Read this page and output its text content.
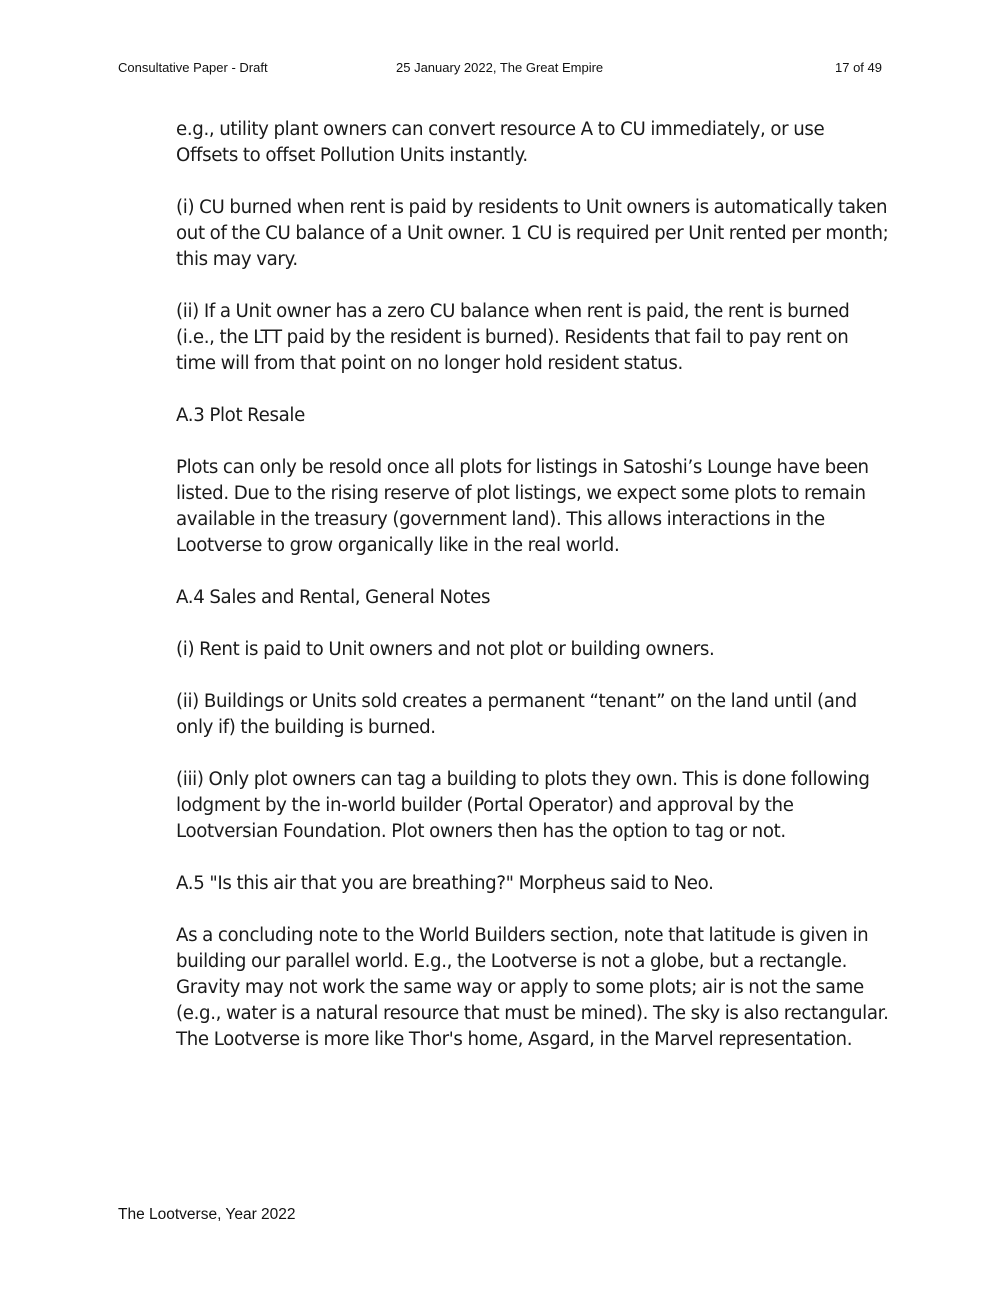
Consultative Paper - Draft	25 January 2022, The Great Empire	17 of 49

e.g., utility plant owners can convert resource A to CU immediately, or use Offsets to offset Pollution Units instantly.

(i) CU burned when rent is paid by residents to Unit owners is automatically taken out of the CU balance of a Unit owner. 1 CU is required per Unit rented per month; this may vary.

(ii) If a Unit owner has a zero CU balance when rent is paid, the rent is burned (i.e., the LTT paid by the resident is burned). Residents that fail to pay rent on time will from that point on no longer hold resident status.

A.3 Plot Resale

Plots can only be resold once all plots for listings in Satoshi’s Lounge have been listed. Due to the rising reserve of plot listings, we expect some plots to remain available in the treasury (government land). This allows interactions in the Lootverse to grow organically like in the real world.

A.4 Sales and Rental, General Notes

(i) Rent is paid to Unit owners and not plot or building owners.

(ii) Buildings or Units sold creates a permanent “tenant” on the land until (and only if) the building is burned.

(iii) Only plot owners can tag a building to plots they own. This is done following lodgment by the in-world builder (Portal Operator) and approval by the Lootversian Foundation. Plot owners then has the option to tag or not.

A.5 "Is this air that you are breathing?" Morpheus said to Neo.

As a concluding note to the World Builders section, note that latitude is given in building our parallel world. E.g., the Lootverse is not a globe, but a rectangle. Gravity may not work the same way or apply to some plots; air is not the same (e.g., water is a natural resource that must be mined). The sky is also rectangular. The Lootverse is more like Thor's home, Asgard, in the Marvel representation.

The Lootverse, Year 2022
